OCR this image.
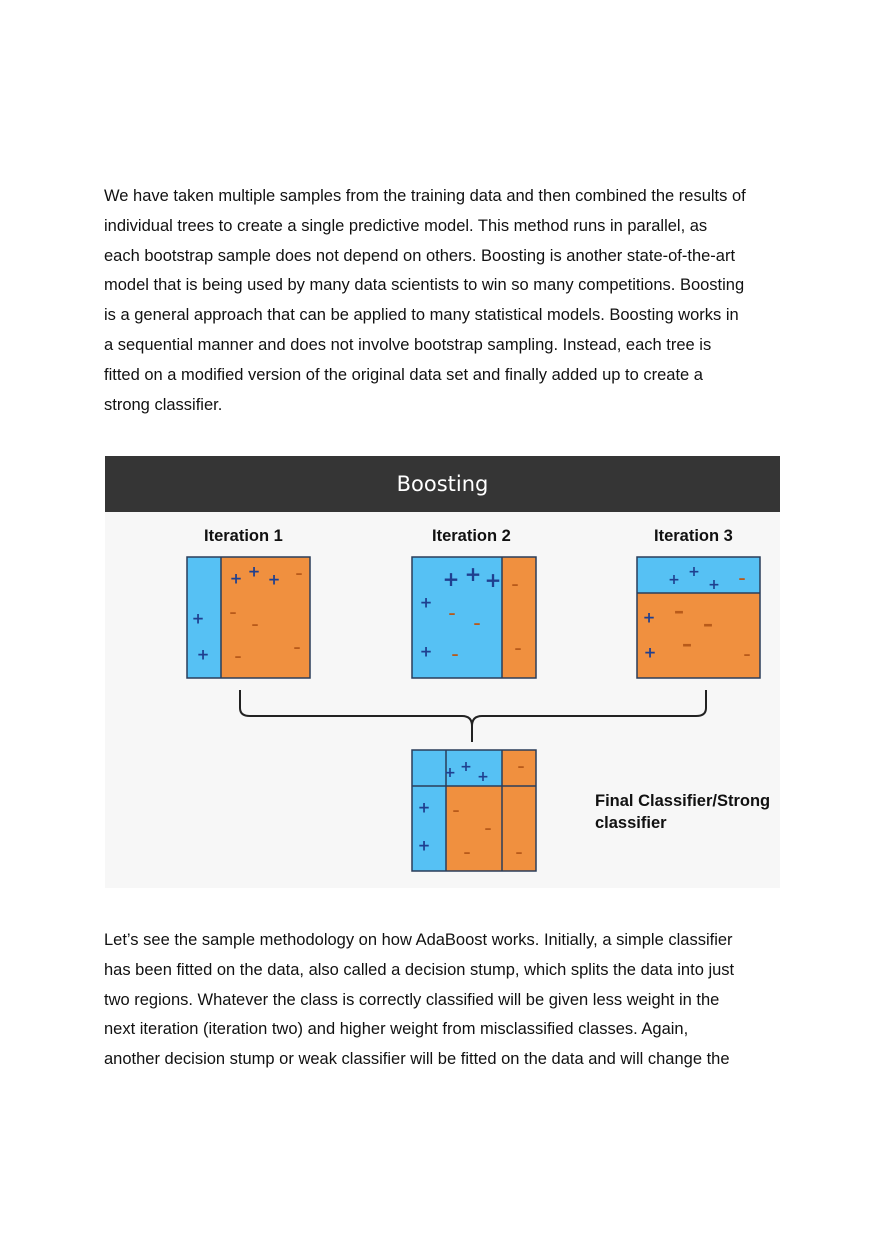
We have taken multiple samples from the training data and then combined the results of
individual trees to create a single predictive model. This method runs in parallel, as
each bootstrap sample does not depend on others. Boosting is another state-of-the-art
model that is being used by many data scientists to win so many competitions. Boosting
is a general approach that can be applied to many statistical models. Boosting works in
a sequential manner and does not involve bootstrap sampling. Instead, each tree is
fitted on a modified version of the original data set and finally added up to create a
strong classifier.

Boosting
Iteration 1	Iteration 2	Iteration 3
+
+
+ + + –
–
–
–
–
+
+
+ + +
–
–
–
–
–
+ +
+
+
+
–
–
–
–	–
+ +
+
+
+
–
–
–
–	–
Final Classifier/Strong
classifier

Let’s see the sample methodology on how AdaBoost works. Initially, a simple classifier
has been fitted on the data, also called a decision stump, which splits the data into just
two regions. Whatever the class is correctly classified will be given less weight in the
next iteration (iteration two) and higher weight from misclassified classes. Again,
another decision stump or weak classifier will be fitted on the data and will change the
